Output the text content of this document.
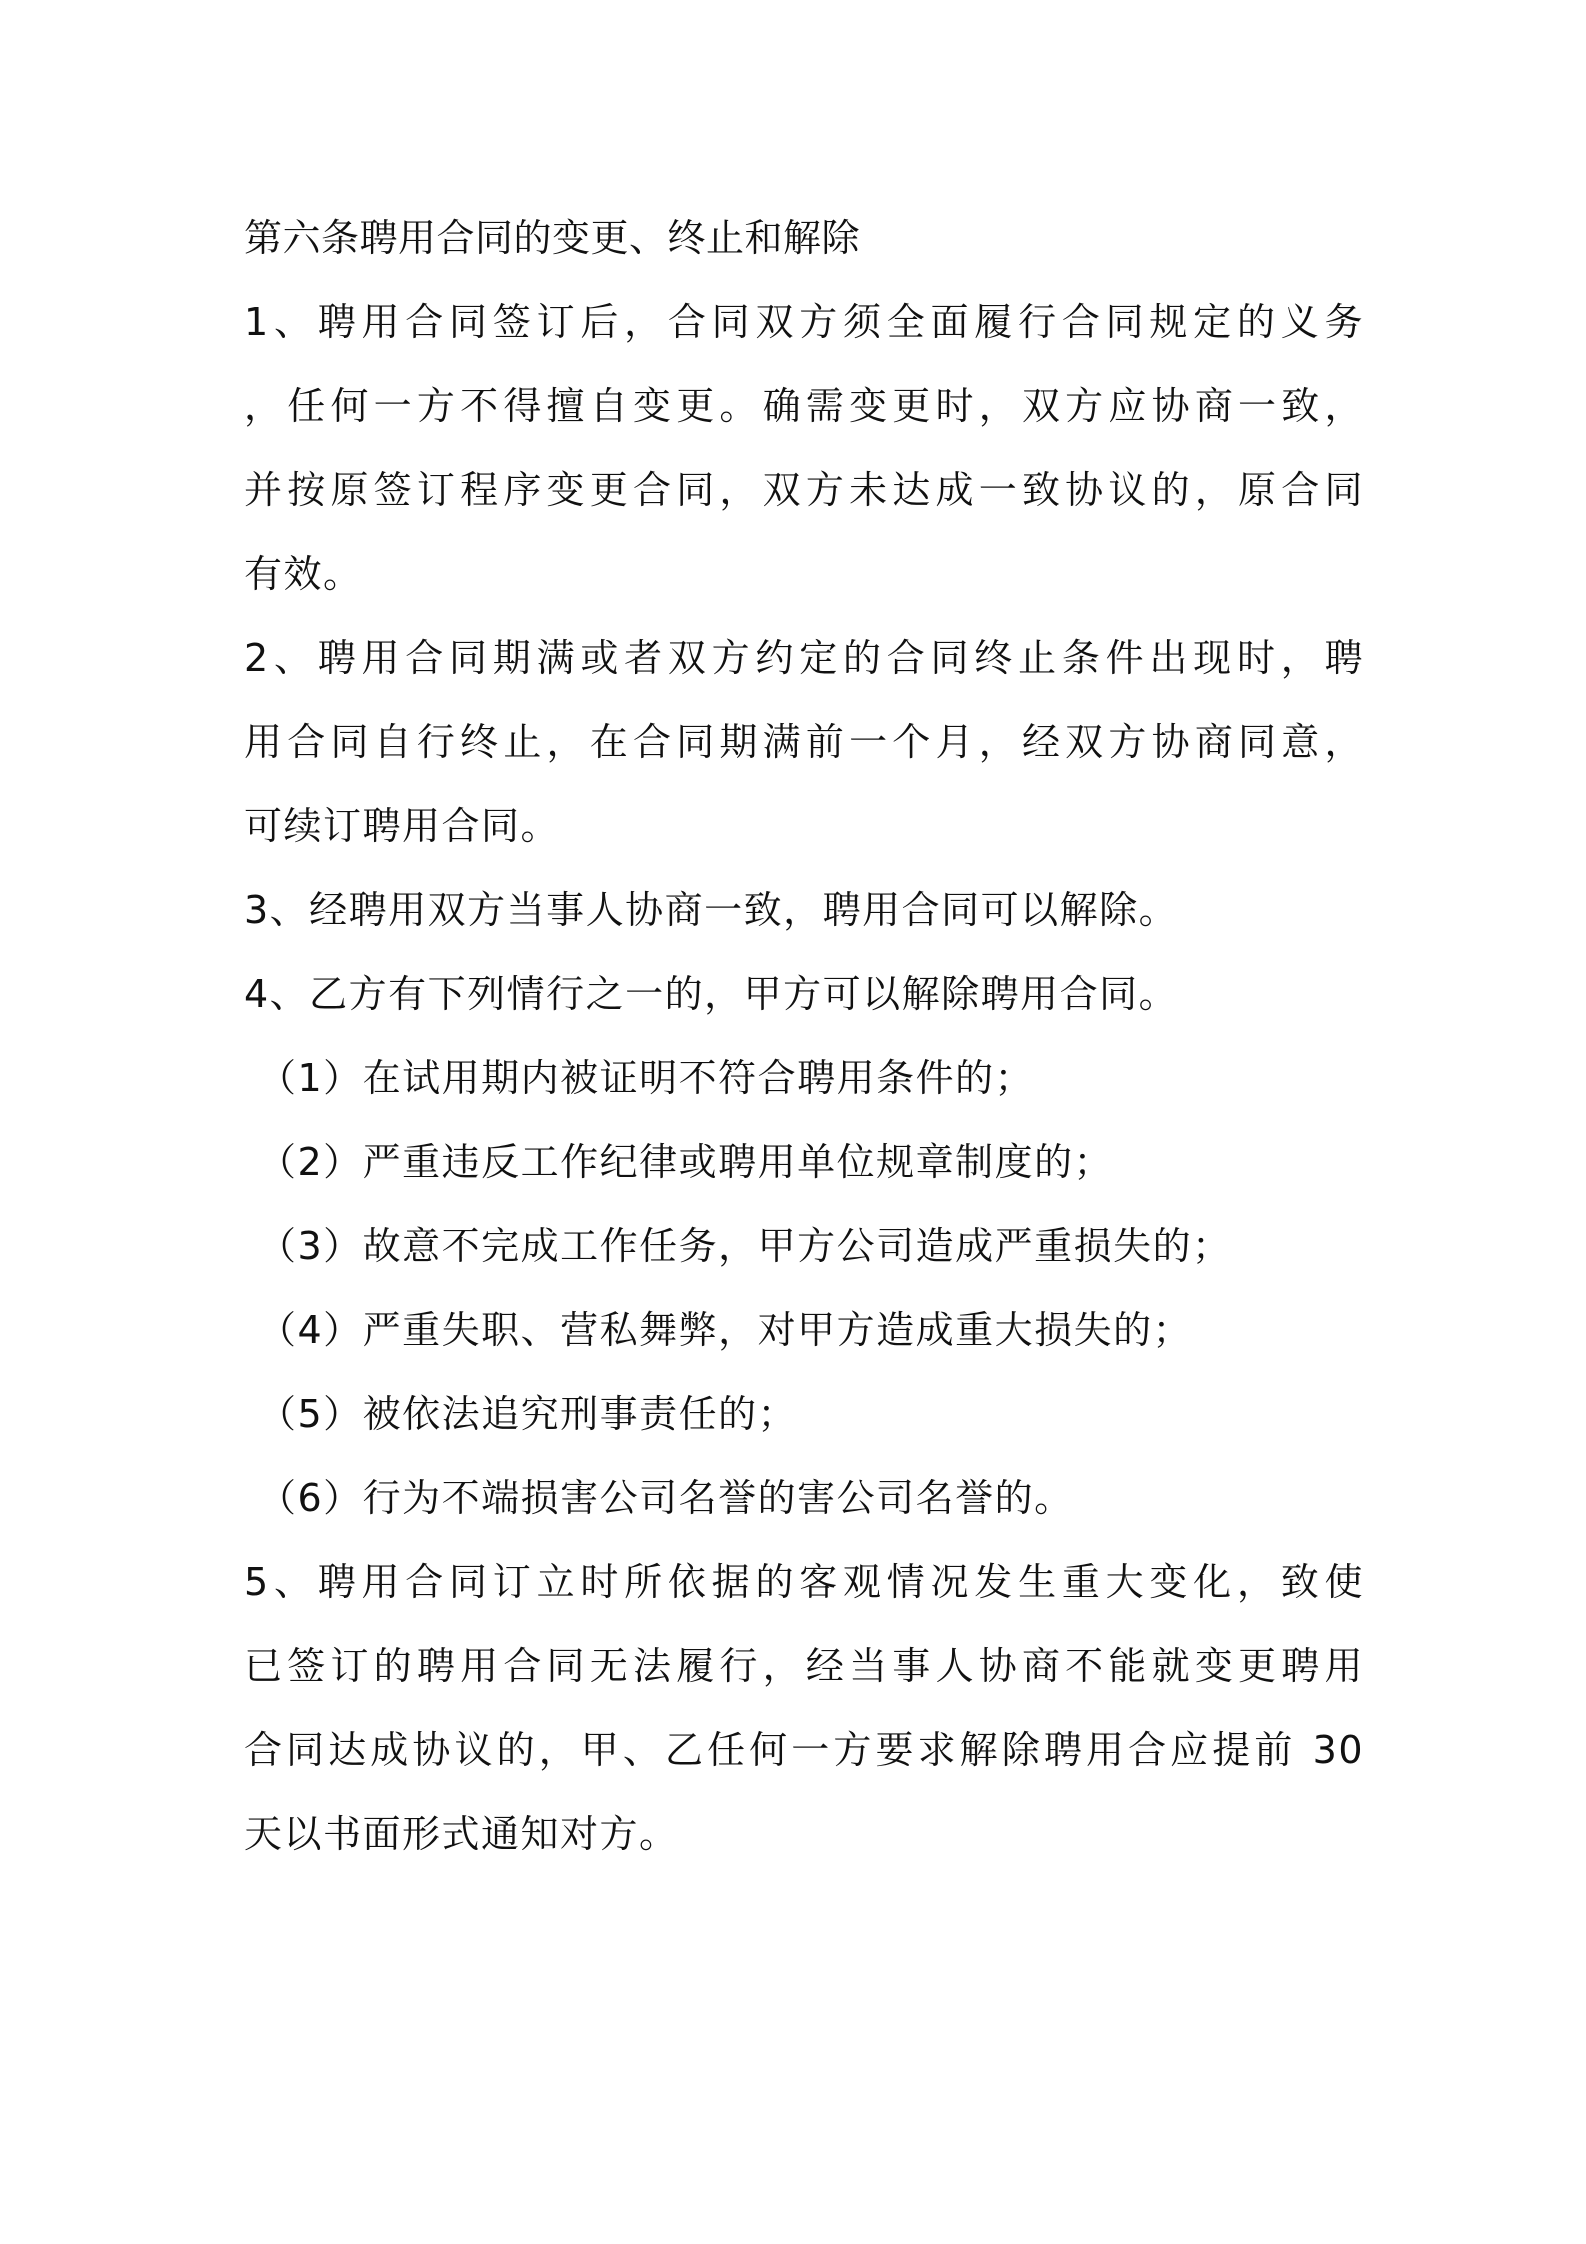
第六条聘用合同的变更、终止和解除

1、聘用合同签订后，合同双方须全面履行合同规定的义务

，任何一方不得擅自变更。确需变更时，双方应协商一致，

并按原签订程序变更合同，双方未达成一致协议的，原合同

有效。

2、聘用合同期满或者双方约定的合同终止条件出现时，聘

用合同自行终止，在合同期满前一个月，经双方协商同意，

可续订聘用合同。

3、经聘用双方当事人协商一致，聘用合同可以解除。

4、乙方有下列情行之一的，甲方可以解除聘用合同。

（1）在试用期内被证明不符合聘用条件的；

（2）严重违反工作纪律或聘用单位规章制度的；

（3）故意不完成工作任务，甲方公司造成严重损失的；

（4）严重失职、营私舞弊，对甲方造成重大损失的；

（5）被依法追究刑事责任的；

（6）行为不端损害公司名誉的害公司名誉的。

5、聘用合同订立时所依据的客观情况发生重大变化，致使

已签订的聘用合同无法履行，经当事人协商不能就变更聘用

合同达成协议的，甲、乙任何一方要求解除聘用合应提前 30

天以书面形式通知对方。
